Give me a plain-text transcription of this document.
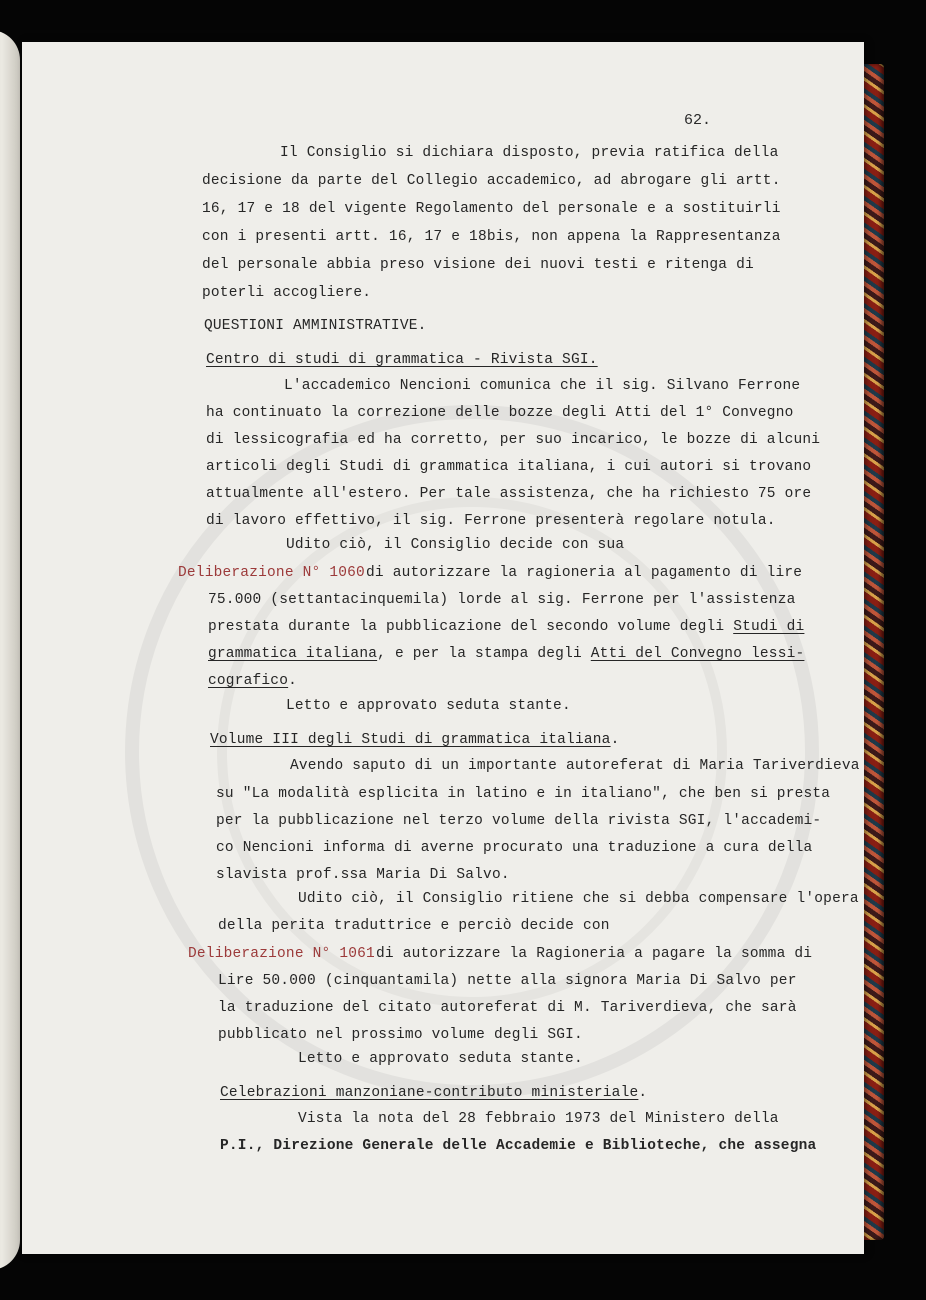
62.
Il Consiglio si dichiara disposto, previa ratifica della
decisione da parte del Collegio accademico, ad abrogare gli artt.
16, 17 e 18 del vigente Regolamento del personale e a sostituirli
con i presenti artt. 16, 17 e 18bis, non appena la Rappresentanza
del personale abbia preso visione dei nuovi testi e ritenga di
poterli accogliere.
QUESTIONI AMMINISTRATIVE.
Centro di studi di grammatica - Rivista SGI.
L'accademico Nencioni comunica che il sig. Silvano Ferrone
ha continuato la correzione delle bozze degli Atti del 1° Convegno
di lessicografia ed ha corretto, per suo incarico, le bozze di alcuni
articoli degli Studi di grammatica italiana, i cui autori si trovano
attualmente all'estero. Per tale assistenza, che ha richiesto 75 ore
di lavoro effettivo, il sig. Ferrone presenterà regolare notula.
Udito ciò, il Consiglio decide con sua
Deliberazione N° 1060 di autorizzare la ragioneria al pagamento di lire
75.000 (settantacinquemila) lorde al sig. Ferrone per l'assistenza
prestata durante la pubblicazione del secondo volume degli Studi di
grammatica italiana, e per la stampa degli Atti del Convegno lessi-
cografico.
Letto e approvato seduta stante.
Volume III degli Studi di grammatica italiana.
Avendo saputo di un importante autoreferat di Maria Tariverdieva
su "La modalità esplicita in latino e in italiano", che ben si presta
per la pubblicazione nel terzo volume della rivista SGI, l'accademi-
co Nencioni informa di averne procurato una traduzione a cura della
slavista prof.ssa Maria Di Salvo.
Udito ciò, il Consiglio ritiene che si debba compensare l'opera
della perita traduttrice e perciò decide con
Deliberazione N° 1061 di autorizzare la Ragioneria a pagare la somma di
Lire 50.000 (cinquantamila) nette alla signora Maria Di Salvo per
la traduzione del citato autoreferat di M. Tariverdieva, che sarà
pubblicato nel prossimo volume degli SGI.
Letto e approvato seduta stante.
Celebrazioni manzoniane-contributo ministeriale.
Vista la nota del 28 febbraio 1973 del Ministero della
P.I., Direzione Generale delle Accademie e Biblioteche, che assegna
